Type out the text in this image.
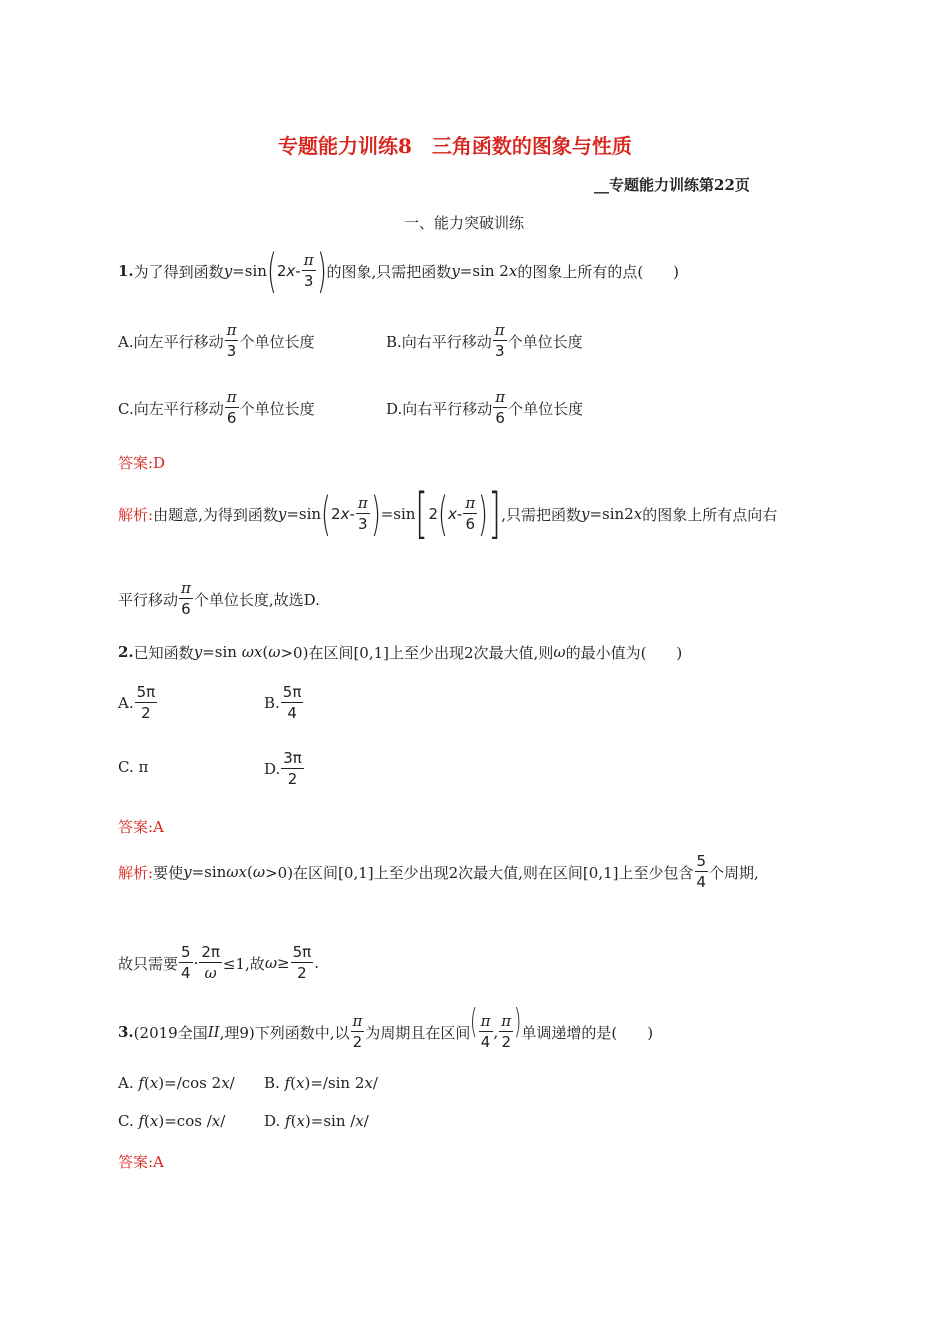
专题能力训练8　三角函数的图象与性质
__专题能力训练第22页
一、能力突破训练
1. 为了得到函数 y =sin ( 2 x - $\frac{\pi}{3}$ ) 的图象,只需把函数 y =sin 2 x 的图象上所有的点(　　)
A.向左平行移动 $\frac{\pi}{3}$ 个单位长度	B.向右平行移动 $\frac{\pi}{3}$ 个单位长度
C.向左平行移动 $\frac{\pi}{6}$ 个单位长度	D.向右平行移动 $\frac{\pi}{6}$ 个单位长度
答案:D
解析: 由题意,为得到函数 y =sin ( 2 x - $\frac{\pi}{3}$ ) =sin [ 2 ( x - $\frac{\pi}{6}$ ) ] ,只需把函数 y =sin2 x 的图象上所有点向右
平行移动 $\frac{\pi}{6}$ 个单位长度,故选D.
2. 已知函数 y =sin
ω x ( ω >0)在区间[0,1]上至少出现2次最大值,则 ω 的最小值为(　　)
A. $\frac{5\pi}{2}$	B. $\frac{5\pi}{4}$
C. π	D. $\frac{3\pi}{2}$
答案:A
解析: 要使 y =sin ω x ( ω >0)在区间[0,1]上至少出现2次最大值,则在区间[0,1]上至少包含 $\frac{5}{4}$ 个周期,
故只需要 $\frac{5}{4} \cdot \frac{2\pi}{\omega} \le 1$,故 $\omega \ge \frac{5\pi}{2}$ .
3. (2019全国 II ,理9)下列函数中,以 $\frac{\pi}{2}$ 为周期且在区间 ( $\frac{\pi}{4}$ , $\frac{\pi}{2}$ ) 单调递增的是(　　)
A. f(x)=/cos 2x/ B. f(x)=/sin 2x/
C. f(x)=cos /x/	D. f(x)=sin /x/
答案:A
